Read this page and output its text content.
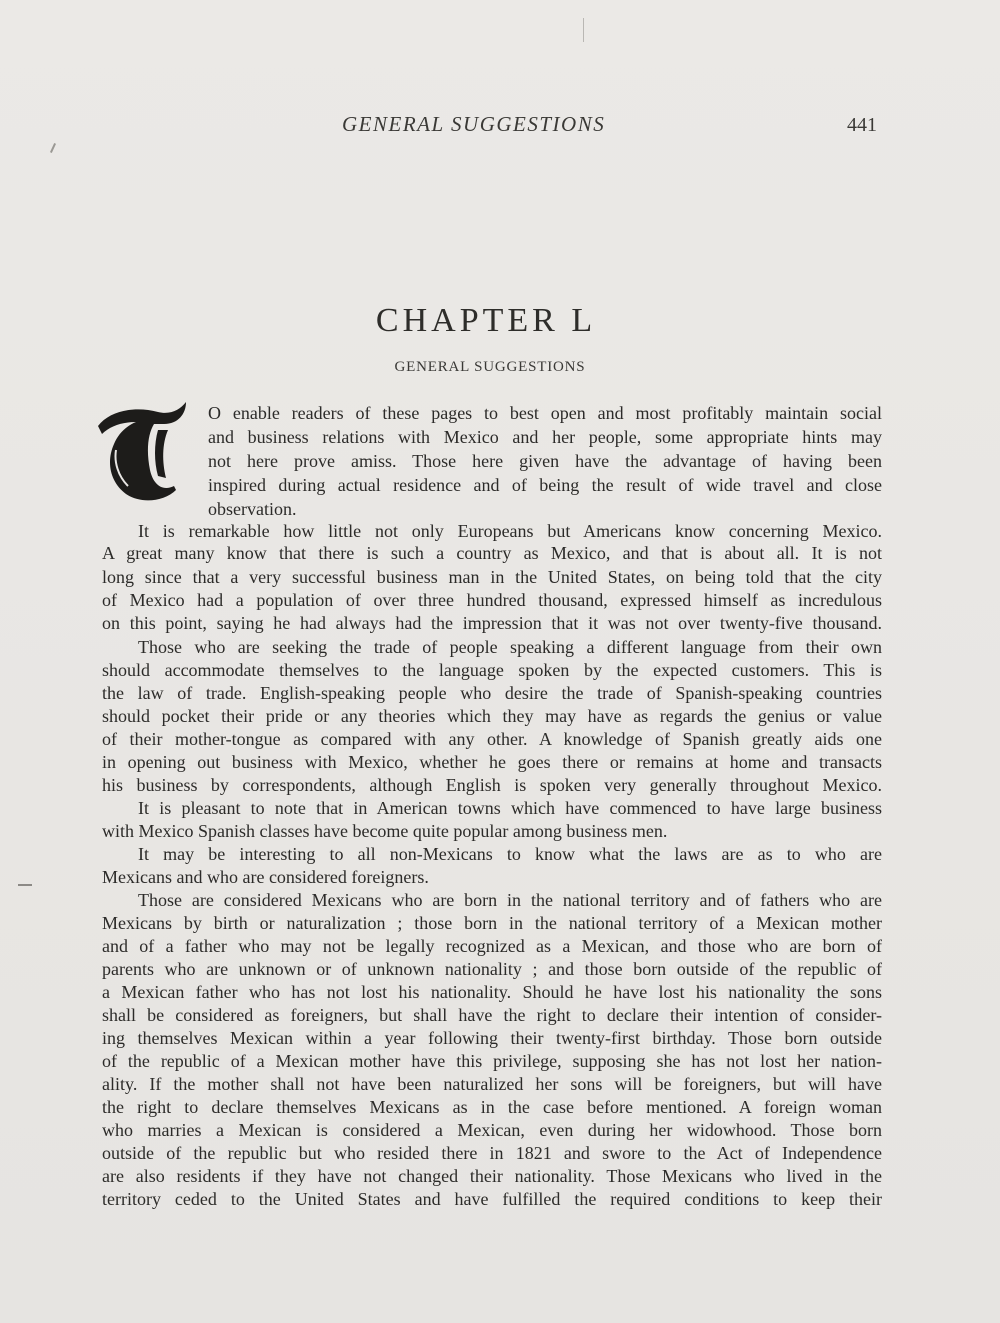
GENERAL SUGGESTIONS	441
CHAPTER L
GENERAL SUGGESTIONS
O enable readers of these pages to best open and most profitably maintain social
and business relations with Mexico and her people, some appropriate hints may
not here prove amiss. Those here given have the advantage of having been
inspired during actual residence and of being the result of wide travel and close
observation.
It is remarkable how little not only Europeans but Americans know concerning Mexico.
A great many know that there is such a country as Mexico, and that is about all. It is not
long since that a very successful business man in the United States, on being told that the city
of Mexico had a population of over three hundred thousand, expressed himself as incredulous
on this point, saying he had always had the impression that it was not over twenty-five thousand.
Those who are seeking the trade of people speaking a different language from their own
should accommodate themselves to the language spoken by the expected customers. This is
the law of trade. English-speaking people who desire the trade of Spanish-speaking countries
should pocket their pride or any theories which they may have as regards the genius or value
of their mother-tongue as compared with any other. A knowledge of Spanish greatly aids one
in opening out business with Mexico, whether he goes there or remains at home and transacts
his business by correspondents, although English is spoken very generally throughout Mexico.
It is pleasant to note that in American towns which have commenced to have large business
with Mexico Spanish classes have become quite popular among business men.
It may be interesting to all non-Mexicans to know what the laws are as to who are
Mexicans and who are considered foreigners.
Those are considered Mexicans who are born in the national territory and of fathers who are
Mexicans by birth or naturalization ; those born in the national territory of a Mexican mother
and of a father who may not be legally recognized as a Mexican, and those who are born of
parents who are unknown or of unknown nationality ; and those born outside of the republic of
a Mexican father who has not lost his nationality. Should he have lost his nationality the sons
shall be considered as foreigners, but shall have the right to declare their intention of consider-
ing themselves Mexican within a year following their twenty-first birthday. Those born outside
of the republic of a Mexican mother have this privilege, supposing she has not lost her nation-
ality. If the mother shall not have been naturalized her sons will be foreigners, but will have
the right to declare themselves Mexicans as in the case before mentioned. A foreign woman
who marries a Mexican is considered a Mexican, even during her widowhood. Those born
outside of the republic but who resided there in 1821 and swore to the Act of Independence
are also residents if they have not changed their nationality. Those Mexicans who lived in the
territory ceded to the United States and have fulfilled the required conditions to keep their
